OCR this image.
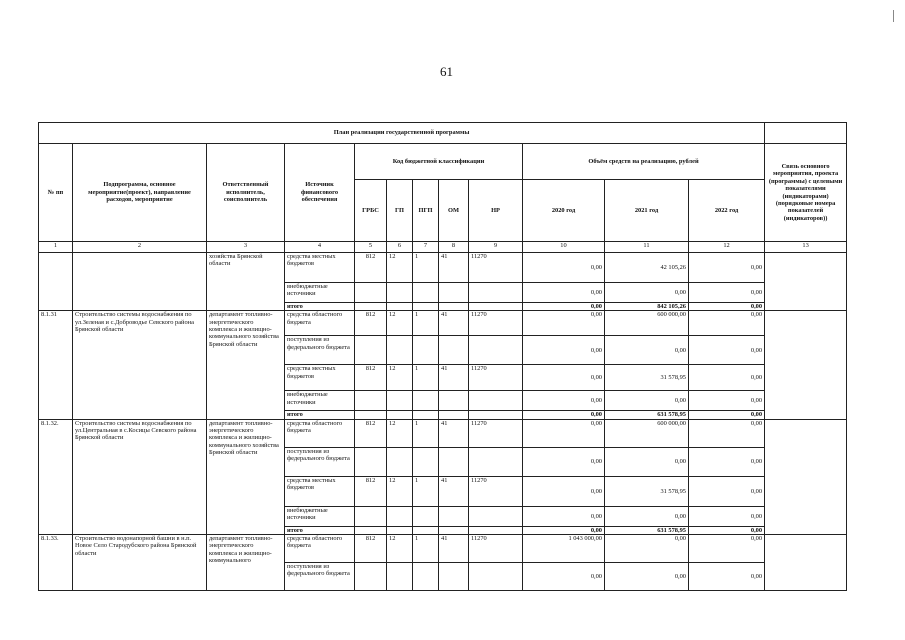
61
План реализации государственной программы												
№ пп	Подпрограмма, основное мероприятие(проект), направление расходов, мероприятие	Ответственный исполнитель, соисполнитель	Источник финансового обеспечения	Код бюджетной классификации					Объём средств на реализацию, рублей			Связь основного мероприятия, проекта (программы) с целевыми показателями (индикаторами) (порядковые номера показателей (индикаторов))
				ГРБС	ГП	ПГП	ОМ	НР	2020 год	2021 год	2022 год	
1	2	3	4	5	6	7	8	9	10	11	12	13
		хозяйства Брянской области	средства местных бюджетов	812	12	1	41	11270	0,00	42 105,26	0,00	
			внебюджетные источники						0,00	0,00	0,00	
			итого						0,00	842 105,26	0,00	
8.1.31	Строительство системы водоснабжения по ул.Зеленая и с.Доброводье Севского района Брянской области	департамент топливно-энергетического комплекса и жилищно-коммунального хозяйства Брянской области	средства областного бюджета	812	12	1	41	11270	0,00	600 000,00	0,00	
			поступления из федерального бюджета						0,00	0,00	0,00	
			средства местных бюджетов	812	12	1	41	11270	0,00	31 578,95	0,00	
			внебюджетные источники						0,00	0,00	0,00	
			итого						0,00	631 578,95	0,00	
8.1.32.	Строительство системы водоснабжения по ул.Центральная в с.Косицы Севского района Брянской области	департамент топливно-энергетического комплекса и жилищно-коммунального хозяйства Брянской области	средства областного бюджета	812	12	1	41	11270	0,00	600 000,00	0,00	
			поступления из федерального бюджета						0,00	0,00	0,00	
			средства местных бюджетов	812	12	1	41	11270	0,00	31 578,95	0,00	
			внебюджетные источники						0,00	0,00	0,00	
			итого						0,00	631 578,95	0,00	
8.1.33.	Строительство водонапорной башни в н.п. Новое Село Стародубского района Брянской области	департамент топливно-энергетического комплекса и жилищно-коммунального	средства областного бюджета	812	12	1	41	11270	1 043 000,00	0,00	0,00	
			поступления из федерального бюджета						0,00	0,00	0,00	
